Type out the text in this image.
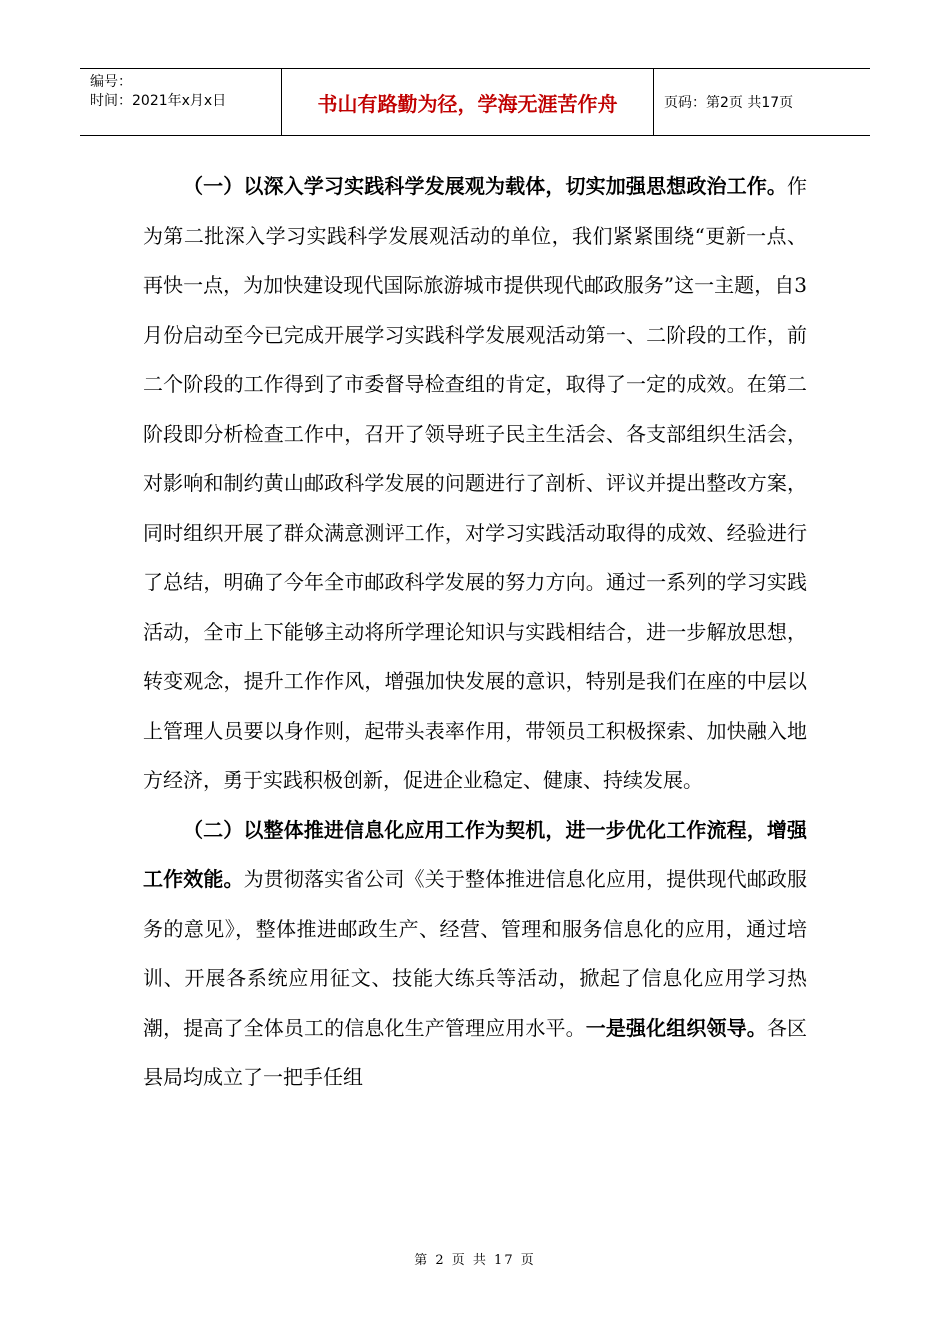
编号：
时间：2021年x月x日	书山有路勤为径，学海无涯苦作舟	页码：第2页 共17页

（一）以深入学习实践科学发展观为载体，切实加强思想政治工作。作为第二批深入学习实践科学发展观活动的单位，我们紧紧围绕“更新一点、再快一点，为加快建设现代国际旅游城市提供现代邮政服务”这一主题，自3月份启动至今已完成开展学习实践科学发展观活动第一、二阶段的工作，前二个阶段的工作得到了市委督导检查组的肯定，取得了一定的成效。在第二阶段即分析检查工作中，召开了领导班子民主生活会、各支部组织生活会，对影响和制约黄山邮政科学发展的问题进行了剖析、评议并提出整改方案，同时组织开展了群众满意测评工作，对学习实践活动取得的成效、经验进行了总结，明确了今年全市邮政科学发展的努力方向。通过一系列的学习实践活动，全市上下能够主动将所学理论知识与实践相结合，进一步解放思想，转变观念，提升工作作风，增强加快发展的意识，特别是我们在座的中层以上管理人员要以身作则，起带头表率作用，带领员工积极探索、加快融入地方经济，勇于实践积极创新，促进企业稳定、健康、持续发展。

（二）以整体推进信息化应用工作为契机，进一步优化工作流程，增强工作效能。为贯彻落实省公司《关于整体推进信息化应用，提供现代邮政服务的意见》，整体推进邮政生产、经营、管理和服务信息化的应用，通过培训、开展各系统应用征文、技能大练兵等活动，掀起了信息化应用学习热潮，提高了全体员工的信息化生产管理应用水平。一是强化组织领导。各区县局均成立了一把手任组

第 2 页 共 17 页
